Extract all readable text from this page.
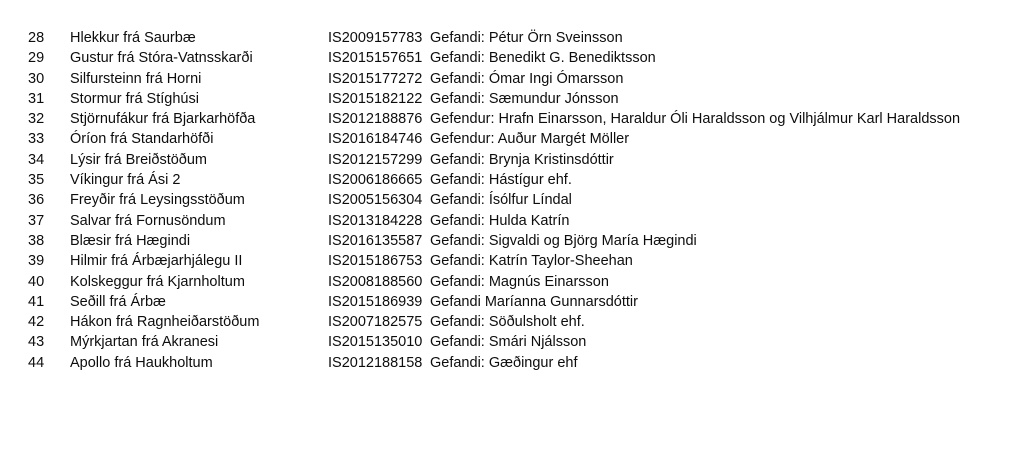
28	Hlekkur frá Saurbæ	IS2009157783	Gefandi: Pétur Örn Sveinsson
29	Gustur frá Stóra-Vatnsskarði	IS2015157651	Gefandi: Benedikt G. Benediktsson
30	Silfursteinn frá Horni	IS2015177272	Gefandi: Ómar Ingi Ómarsson
31	Stormur frá Stíghúsi	IS2015182122	Gefandi: Sæmundur Jónsson
32	Stjörnufákur frá Bjarkarhöfða	IS2012188876	Gefendur: Hrafn Einarsson, Haraldur Óli Haraldsson og Vilhjálmur Karl Haraldsson
33	Óríon frá Standarhöfði	IS2016184746	Gefendur: Auður Margét Möller
34	Lýsir frá Breiðstöðum	IS2012157299	Gefandi: Brynja Kristinsdóttir
35	Víkingur frá Ási 2	IS2006186665	Gefandi: Hástígur ehf.
36	Freyðir frá Leysingsstöðum	IS2005156304	Gefandi: Ísólfur Líndal
37	Salvar frá Fornusöndum	IS2013184228	Gefandi: Hulda Katrín
38	Blæsir frá Hægindi	IS2016135587	Gefandi: Sigvaldi og Björg María Hægindi
39	Hilmir frá Árbæjarhjálegu II	IS2015186753	Gefandi: Katrín Taylor-Sheehan
40	Kolskeggur frá Kjarnholtum	IS2008188560	Gefandi: Magnús Einarsson
41	Seðill frá Árbæ	IS2015186939	Gefandi Maríanna Gunnarsdóttir
42	Hákon frá Ragnheiðarstöðum	IS2007182575	Gefandi: Söðulsholt ehf.
43	Mýrkjartan frá Akranesi	IS2015135010	Gefandi: Smári Njálsson
44	Apollo frá Haukholtum	IS2012188158	Gefandi: Gæðingur ehf
